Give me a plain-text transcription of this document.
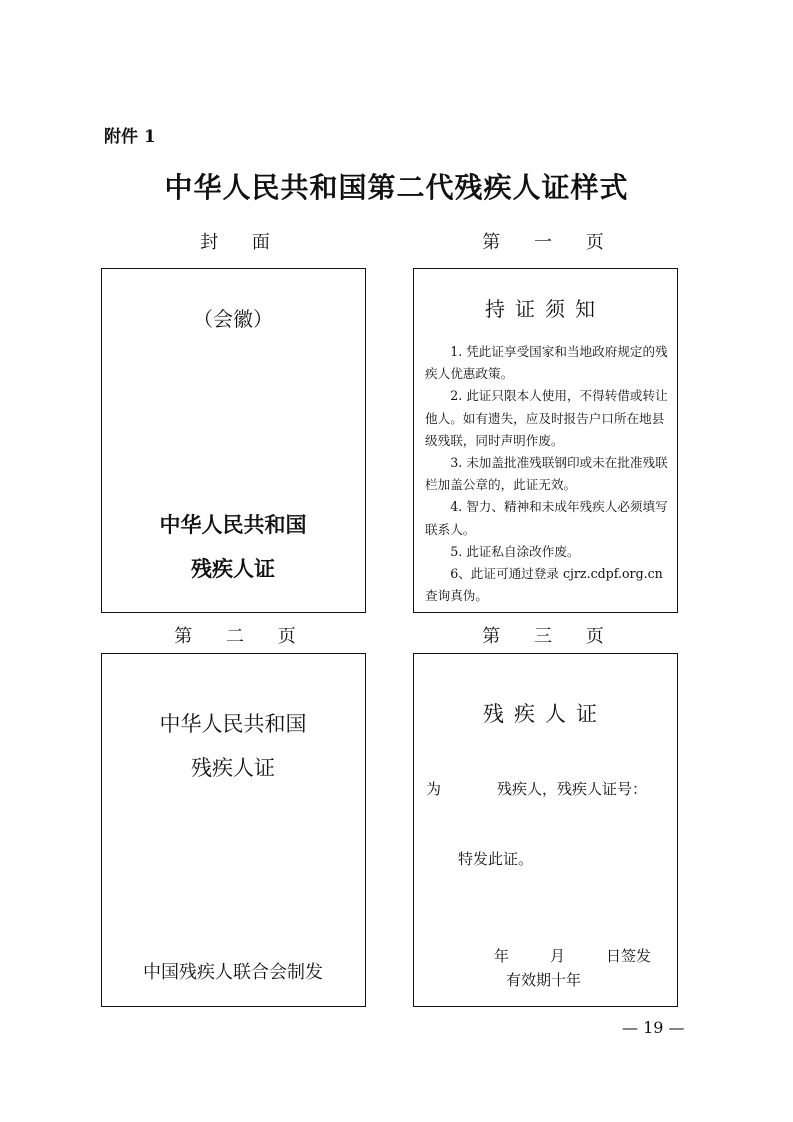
附件 1
中华人民共和国第二代残疾人证样式
封 面	第 一 页
第 二 页	第 三 页
（会徽）
中华人民共和国
残疾人证
持证须知

1. 凭此证享受国家和当地政府规定的残疾人优惠政策。

2. 此证只限本人使用，不得转借或转让他人。如有遗失，应及时报告户口所在地县级残联，同时声明作废。

3. 未加盖批准残联钢印或未在批准残联栏加盖公章的，此证无效。

4. 智力、精神和未成年残疾人必须填写联系人。

5. 此证私自涂改作废。

6、此证可通过登录 cjrz.cdpf.org.cn 查询真伪。

中华人民共和国
残疾人证
中国残疾人联合会制发
残疾人证
为	残疾人，残疾人证号：
特发此证。
年	月	日签发
有效期十年
— 19 —
